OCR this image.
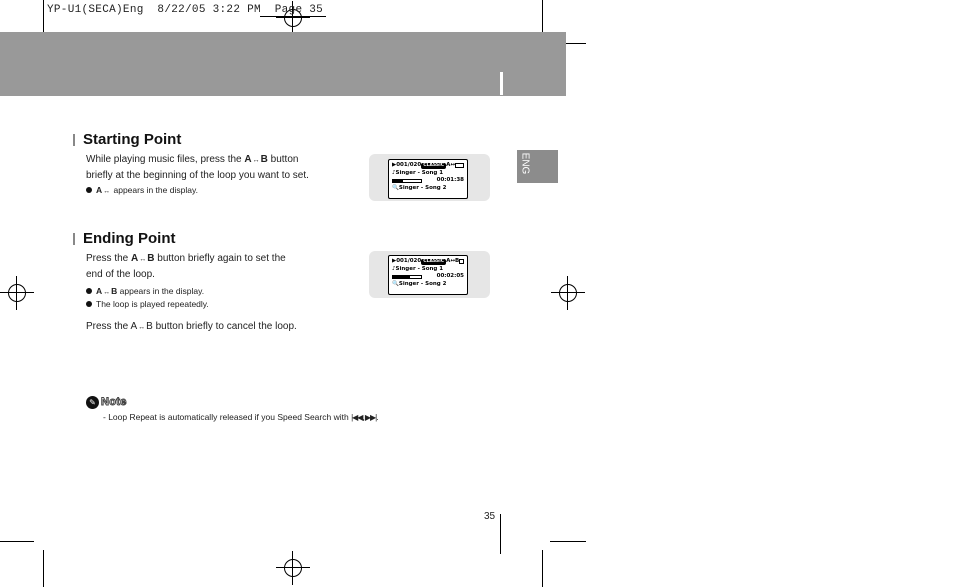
YP-U1(SECA)Eng  8/22/05 3:22 PM  Page 35
Loop Repeating
ENG
Starting Point
While playing music files, press the A↔B button
briefly at the beginning of the loop you want to set.
A↔ appears in the display.
▶001/020 CLASSIC A↔
♪Singer - Song 1
00:01:38
🔍Singer - Song 2
Ending Point
Press the A↔B button briefly again to set the
end of the loop.
A↔B appears in the display.
The loop is played repeatedly.
Press the A↔B button briefly to cancel the loop.
▶001/020 CLASSIC A↔B
♪Singer - Song 1
00:02:05
🔍Singer - Song 2
✎ Note
- Loop Repeat is automatically released if you Speed Search with |◀◀,▶▶|.
35
